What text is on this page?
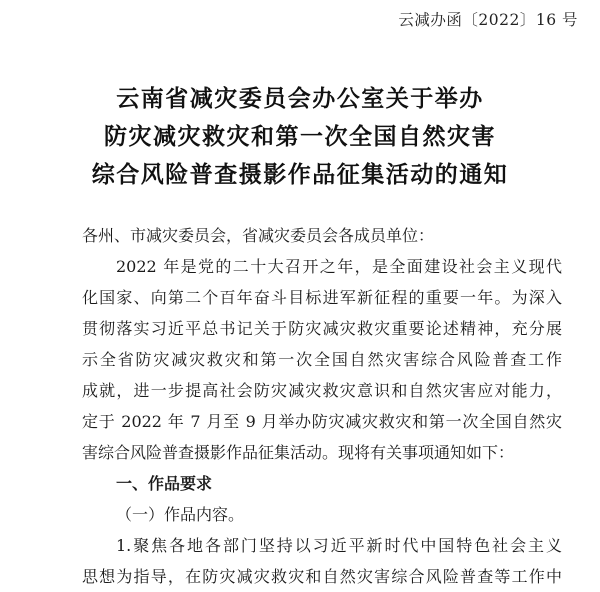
云减办函〔2022〕16 号
云南省减灾委员会办公室关于举办
防灾减灾救灾和第一次全国自然灾害
综合风险普查摄影作品征集活动的通知
各州、市减灾委员会，省减灾委员会各成员单位：
2022 年是党的二十大召开之年，是全面建设社会主义现代
化国家、向第二个百年奋斗目标进军新征程的重要一年。为深入
贯彻落实习近平总书记关于防灾减灾救灾重要论述精神，充分展
示全省防灾减灾救灾和第一次全国自然灾害综合风险普查工作
成就，进一步提高社会防灾减灾救灾意识和自然灾害应对能力，
定于 2022 年 7 月至 9 月举办防灾减灾救灾和第一次全国自然灾
害综合风险普查摄影作品征集活动。现将有关事项通知如下：
一、作品要求
（一）作品内容。
1.聚焦各地各部门坚持以习近平新时代中国特色社会主义
思想为指导，在防灾减灾救灾和自然灾害综合风险普查等工作中
